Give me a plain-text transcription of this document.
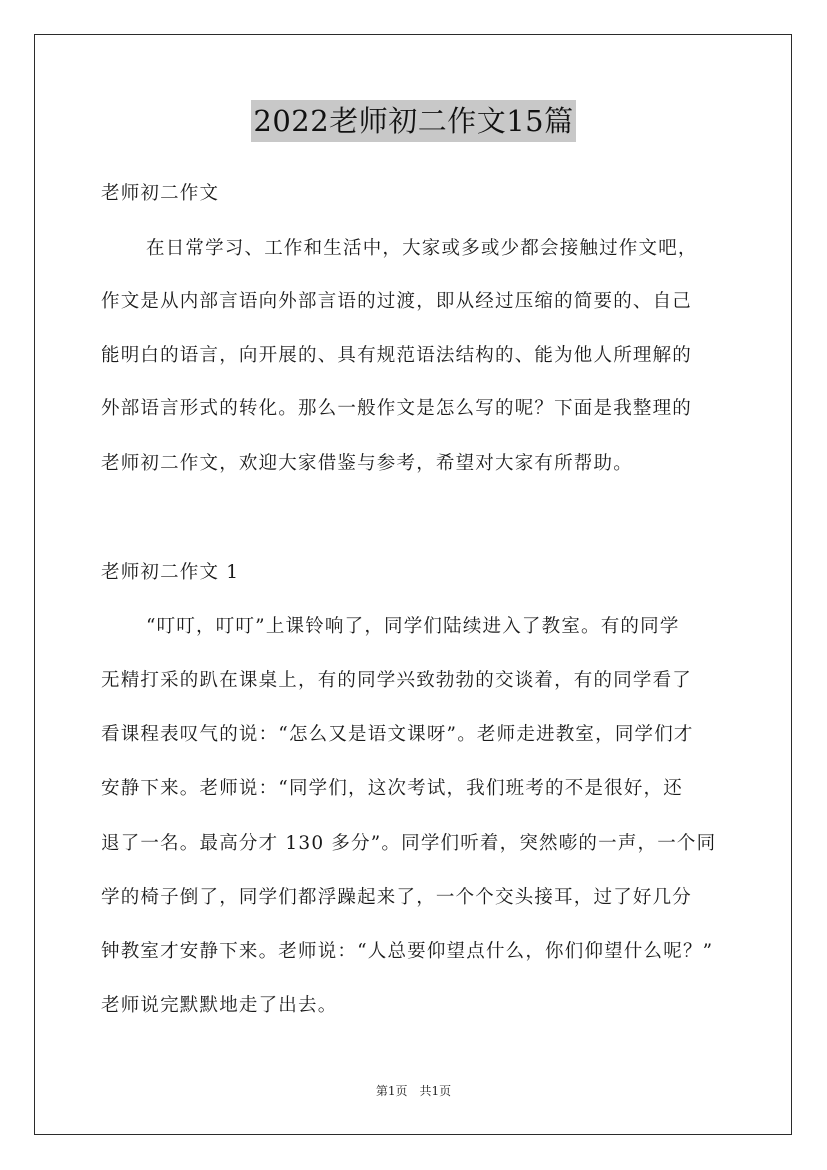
2022老师初二作文15篇
老师初二作文
在日常学习、工作和生活中，大家或多或少都会接触过作文吧，
作文是从内部言语向外部言语的过渡，即从经过压缩的简要的、自己
能明白的语言，向开展的、具有规范语法结构的、能为他人所理解的
外部语言形式的转化。那么一般作文是怎么写的呢？下面是我整理的
老师初二作文，欢迎大家借鉴与参考，希望对大家有所帮助。
老师初二作文 1
“叮叮，叮叮”上课铃响了，同学们陆续进入了教室。有的同学
无精打采的趴在课桌上，有的同学兴致勃勃的交谈着，有的同学看了
看课程表叹气的说：“怎么又是语文课呀”。老师走进教室，同学们才
安静下来。老师说：“同学们，这次考试，我们班考的不是很好，还
退了一名。最高分才 130 多分”。同学们听着，突然嘭的一声，一个同
学的椅子倒了，同学们都浮躁起来了，一个个交头接耳，过了好几分
钟教室才安静下来。老师说：“人总要仰望点什么，你们仰望什么呢？”
老师说完默默地走了出去。
第1页　共1页
